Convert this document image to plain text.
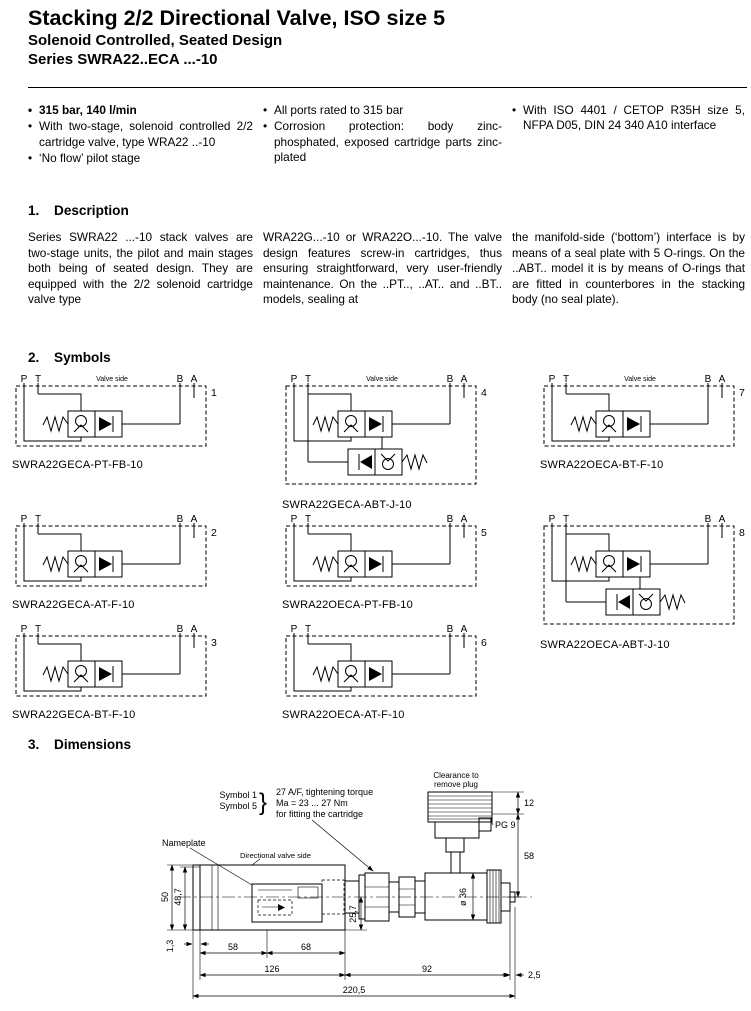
Stacking 2/2 Directional Valve, ISO size 5
Solenoid Controlled, Seated Design
Series SWRA22..ECA ...-10
• 315 bar, 140 l/min
• With two-stage, solenoid controlled 2/2 cartridge valve, type WRA22 ..-10
• ‘No flow’ pilot stage
• All ports rated to 315 bar
• Corrosion protection: body zinc-phosphated, exposed cartridge parts zinc-plated
• With ISO 4401 / CETOP R35H size 5, NFPA D05, DIN 24 340 A10 interface
1.	Description

Series SWRA22 ...-10 stack valves are two-stage units, the pilot and main stages both being of seated design. They are equipped with the 2/2 solenoid cartridge valve type

WRA22G...-10 or WRA22O...-10. The valve design features screw-in cartridges, thus ensuring straightforward, very user-friendly maintenance. On the ..PT.., ..AT.. and ..BT.. models, sealing at

the manifold-side (‘bottom’) interface is by means of a seal plate with 5 O-rings. On the ..ABT.. model it is by means of O-rings that are fitted in counterbores in the stacking body (no seal plate).

2.	Symbols
P T	Valve side	B A
1
SWRA22GECA-PT-FB-10
P T	B A
2
SWRA22GECA-AT-F-10
P T	B A
3
SWRA22GECA-BT-F-10
P T	Valve side	B A
4
SWRA22GECA-ABT-J-10
P T	B A
5
SWRA22OECA-PT-FB-10
P T	B A
6
SWRA22OECA-AT-F-10
P T	Valve side	B A
7
SWRA22OECA-BT-F-10
P T	B A
8
SWRA22OECA-ABT-J-10
3.	Dimensions
Clearance to
remove plug
Symbol 1
Symbol 5 } 27 A/F, tightening torque
Ma = 23 ... 27 Nm
for fitting the cartridge
Nameplate
Directional valve side
PG 9
12
58
ø 36
50 48,7
25,7
1,3	58	68
126	92
2,5
220,5
